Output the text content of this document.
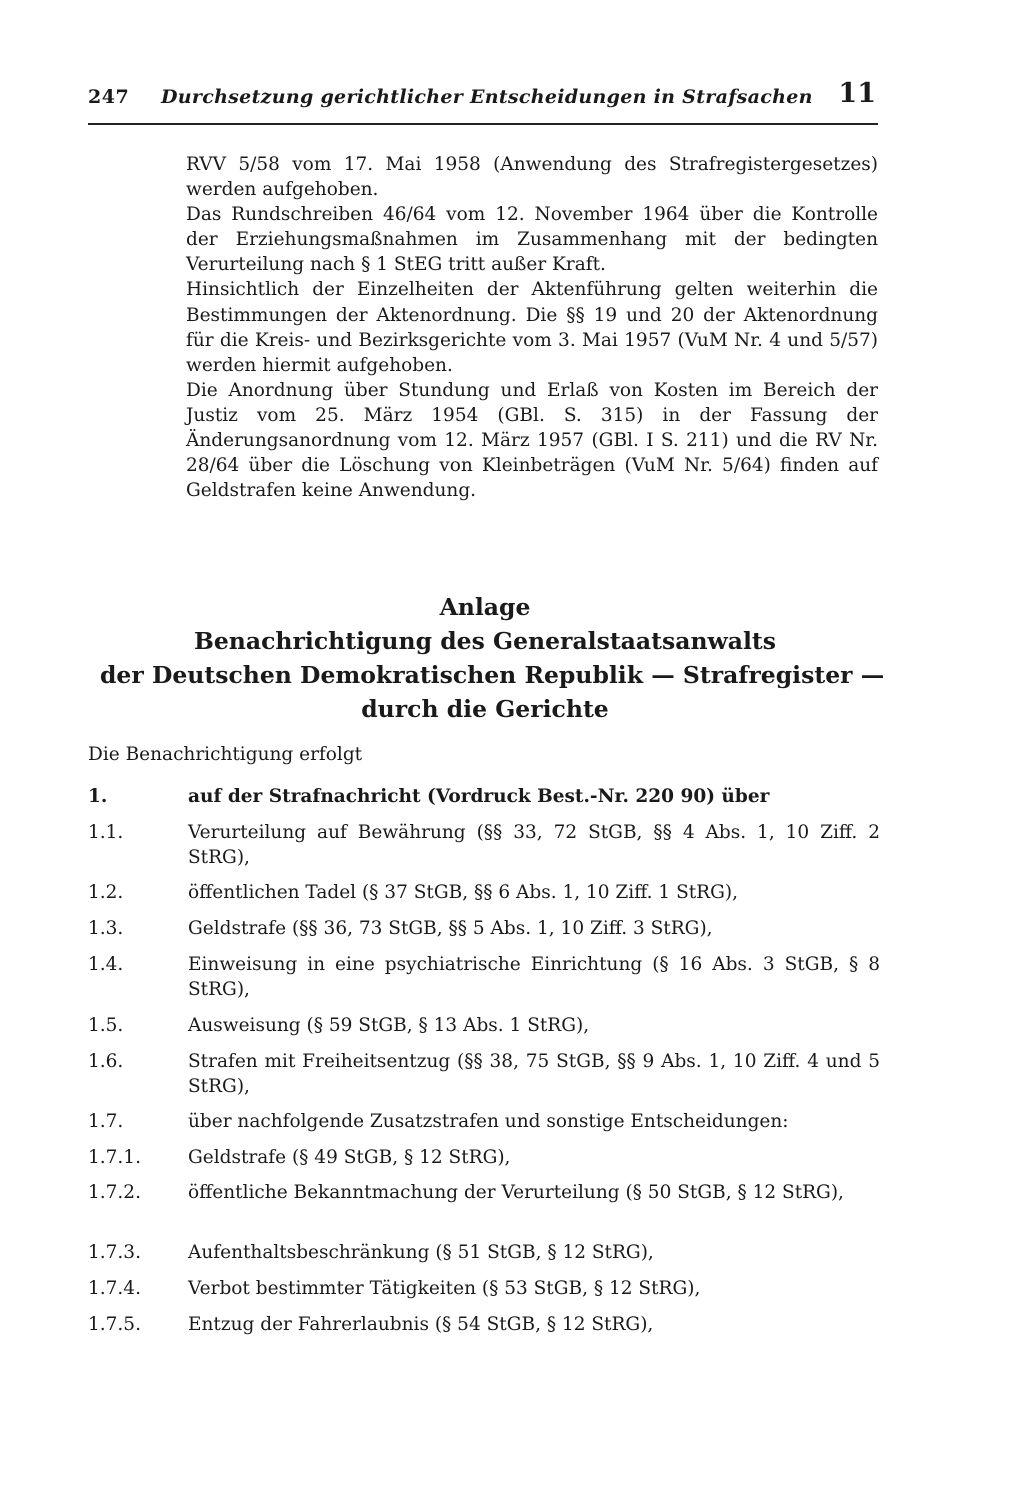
247 Durchsetzung gerichtlicher Entscheidungen in Strafsachen 11

RVV 5/58 vom 17. Mai 1958 (Anwendung des Strafregistergesetzes) werden aufgehoben.

Das Rundschreiben 46/64 vom 12. November 1964 über die Kontrolle der Erziehungsmaßnahmen im Zusammenhang mit der bedingten Verurteilung nach § 1 StEG tritt außer Kraft.

Hinsichtlich der Einzelheiten der Aktenführung gelten weiterhin die Bestimmungen der Aktenordnung. Die §§ 19 und 20 der Aktenordnung für die Kreis- und Bezirksgerichte vom 3. Mai 1957 (VuM Nr. 4 und 5/57) werden hiermit aufgehoben.

Die Anordnung über Stundung und Erlaß von Kosten im Bereich der Justiz vom 25. März 1954 (GBl. S. 315) in der Fassung der Änderungsanordnung vom 12. März 1957 (GBl. I S. 211) und die RV Nr. 28/64 über die Löschung von Kleinbeträgen (VuM Nr. 5/64) finden auf Geldstrafen keine Anwendung.

Anlage
Benachrichtigung des Generalstaatsanwalts
der Deutschen Demokratischen Republik — Strafregister —
durch die Gerichte
Die Benachrichtigung erfolgt
1.	auf der Strafnachricht (Vordruck Best.-Nr. 220 90) über
1.1.	Verurteilung auf Bewährung (§§ 33, 72 StGB, §§ 4 Abs. 1, 10 Ziff. 2 StRG),
1.2.	öffentlichen Tadel (§ 37 StGB, §§ 6 Abs. 1, 10 Ziff. 1 StRG),
1.3.	Geldstrafe (§§ 36, 73 StGB, §§ 5 Abs. 1, 10 Ziff. 3 StRG),
1.4.	Einweisung in eine psychiatrische Einrichtung (§ 16 Abs. 3 StGB, § 8 StRG),
1.5.	Ausweisung (§ 59 StGB, § 13 Abs. 1 StRG),
1.6.	Strafen mit Freiheitsentzug (§§ 38, 75 StGB, §§ 9 Abs. 1, 10 Ziff. 4 und 5 StRG),
1.7.	über nachfolgende Zusatzstrafen und sonstige Entscheidungen:
1.7.1.	Geldstrafe (§ 49 StGB, § 12 StRG),
1.7.2.	öffentliche Bekanntmachung der Verurteilung (§ 50 StGB, § 12 StRG),
1.7.3.	Aufenthaltsbeschränkung (§ 51 StGB, § 12 StRG),
1.7.4.	Verbot bestimmter Tätigkeiten (§ 53 StGB, § 12 StRG),
1.7.5.	Entzug der Fahrerlaubnis (§ 54 StGB, § 12 StRG),
